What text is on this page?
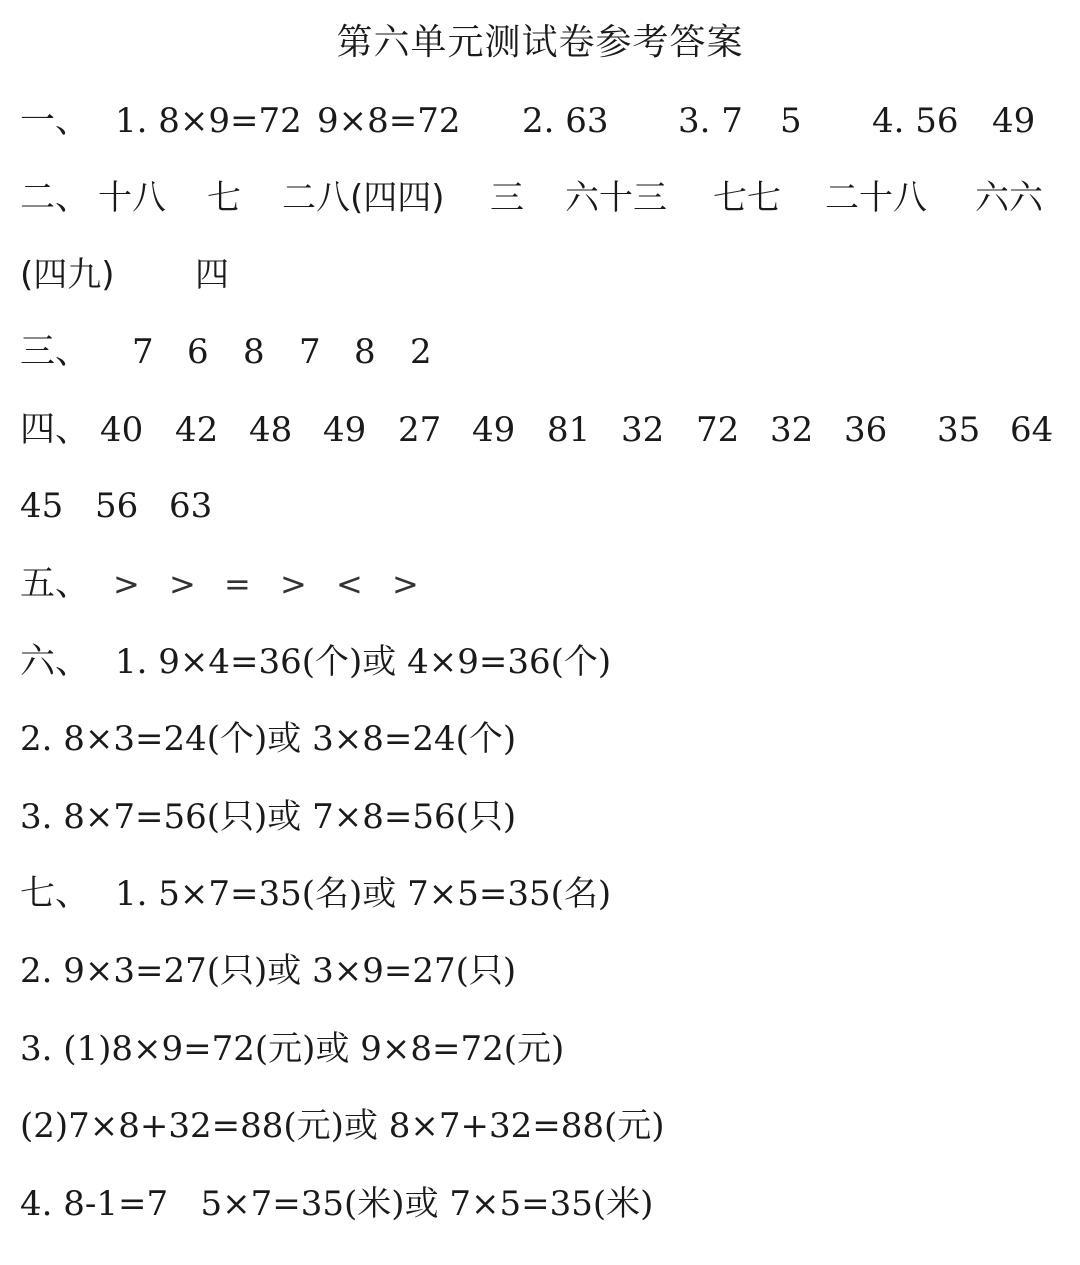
第六单元测试卷参考答案
一、 1. 8×9=72 9×8=72 2. 63 3. 7 5 4. 56 49
二、 十八 七 二八(四四) 三 六十三 七七 二十八 六六
(四九) 四
三、 7 6 8 7 8 2
四、 40 42 48 49 27 49 81 32 72 32 36 35 64
45 56 63
五、 > > = > < >
六、 1. 9×4=36(个)或 4×9=36(个)
2. 8×3=24(个)或 3×8=24(个)
3. 8×7=56(只)或 7×8=56(只)
七、 1. 5×7=35(名)或 7×5=35(名)
2. 9×3=27(只)或 3×9=27(只)
3. (1)8×9=72(元)或 9×8=72(元)
(2)7×8+32=88(元)或 8×7+32=88(元)
4. 8-1=7   5×7=35(米)或 7×5=35(米)
